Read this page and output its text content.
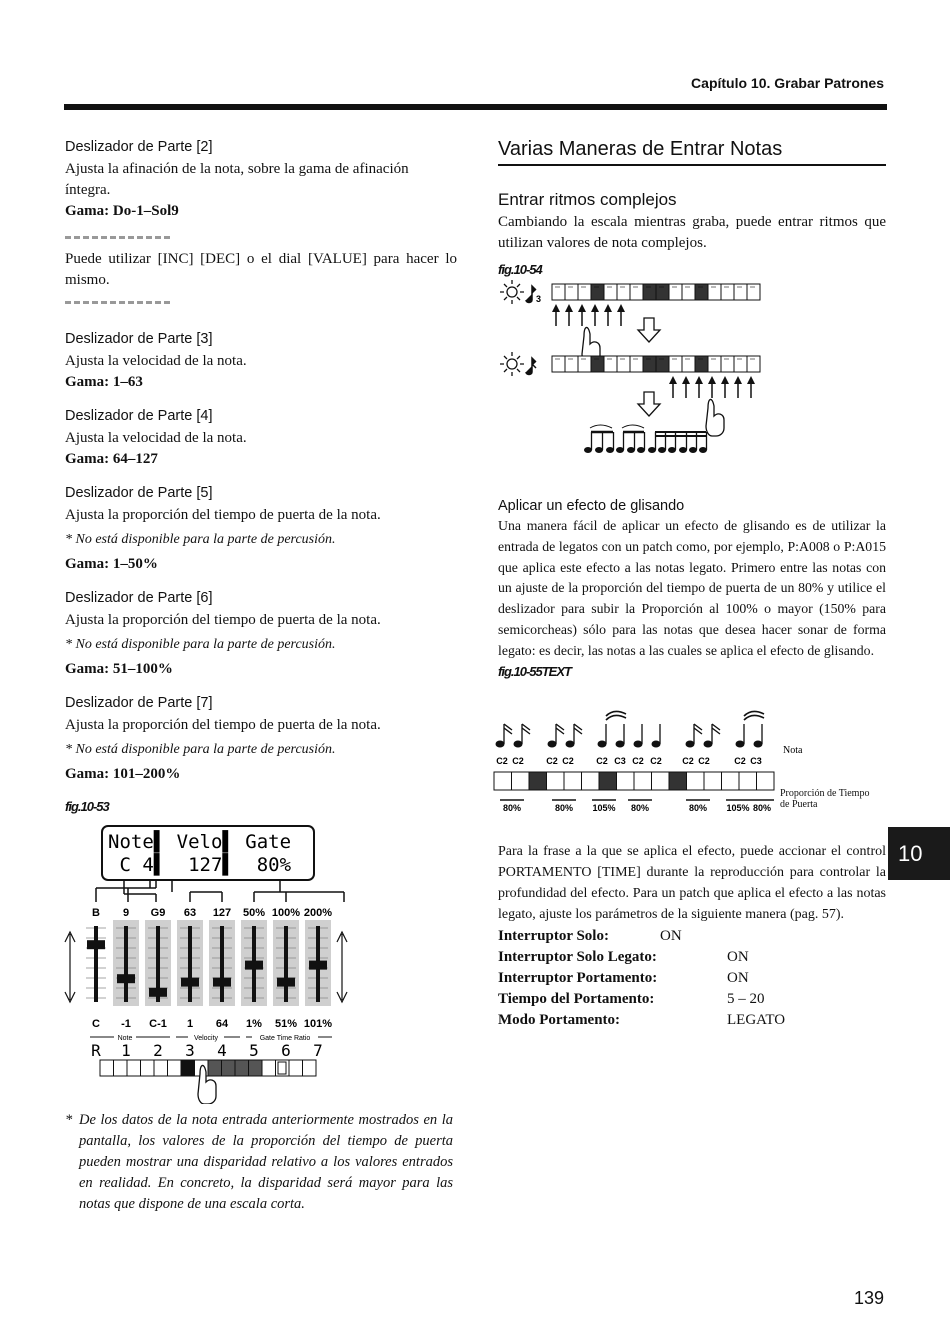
Capítulo 10. Grabar Patrones
Deslizador de Parte [2]

Ajusta la afinación de la nota, sobre la gama de afinación íntegra.

Gama: Do-1–Sol9

Puede utilizar [INC] [DEC] o el dial [VALUE] para hacer lo mismo.

Deslizador de Parte [3]

Ajusta la velocidad de la nota.

Gama: 1–63

Deslizador de Parte [4]

Ajusta la velocidad de la nota.

Gama: 64–127

Deslizador de Parte [5]

Ajusta la proporción del tiempo de puerta de la nota.

* No está disponible para la parte de percusión.

Gama: 1–50%

Deslizador de Parte [6]

Ajusta la proporción del tiempo de puerta de la nota.

* No está disponible para la parte de percusión.

Gama: 51–100%

Deslizador de Parte [7]

Ajusta la proporción del tiempo de puerta de la nota.

* No está disponible para la parte de percusión.

Gama: 101–200%

fig.10-53
Note▌ Velo▌ Gate
C 4▌  127▌  80%
B 9 G9 63 127 50% 100% 200%
C -1 C-1 1 64 1% 51% 101%
Note	Velocity	Gate Time Ratio
R 1 2 3 4 5 6 7
* De los datos de la nota entrada anteriormente mostrados en la pantalla, los valores de la proporción del tiempo de puerta pueden mostrar una disparidad relativo a los valores entrados en realidad. En concreto, la disparidad será mayor para las notas que dispone de una escala corta.
Varias Maneras de Entrar Notas
Entrar ritmos complejos

Cambiando la escala mientras graba, puede entrar ritmos que utilizan valores de nota complejos.

fig.10-54
3
Aplicar un efecto de glisando

Una manera fácil de aplicar un efecto de glisando es de utilizar la entrada de legatos con un patch como, por ejemplo, P:A008 o P:A015 que aplica este efecto a las notas legato. Primero entre las notas con un ajuste de la proporción del tiempo de puerta de un 80% y utilice el deslizador para subir la Proporción al 100% o mayor (150% para semicorcheas) sólo para las notas que desea hacer sonar de forma legato: es decir, las notas a las cuales se aplica el efecto de glisando.

fig.10-55TEXT
C2 C2 C2 C2 C2 C3 C2 C2 C2 C2	C2 C3
80%	80% 105% 80%	80% 105% 80%
Nota
Proporción de Tiempo de Puerta

Para la frase a la que se aplica el efecto, puede accionar el control PORTAMENTO [TIME] durante la reproducción para controlar la profundidad del efecto. Para un patch que aplica el efecto a las notas legato, ajuste los parámetros de la siguiente manera (pag. 57).

Interruptor Solo:	ON
Interruptor Solo Legato:	ON
Interruptor Portamento:	ON
Tiempo del Portamento:	5 – 20
Modo Portamento:	LEGATO
10
139
